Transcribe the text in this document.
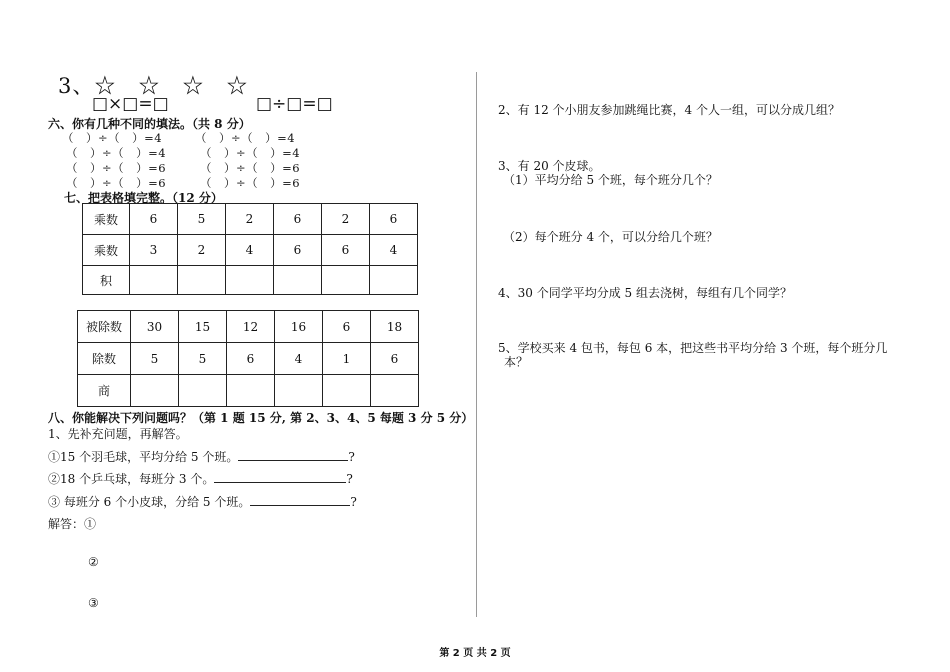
3、☆　☆　☆　☆
□×□=□	□÷□=□
六、你有几种不同的填法。（共 8 分）
（　）÷（　）=4	（　）÷（　）=4
（　）÷（　）=4	（　）÷（　）=4
（　）÷（　）=6	（　）÷（　）=6
（　）÷（　）=6	（　）÷（　）=6
七、把表格填完整。（12 分）
乘数	6	5	2	6	2	6
乘数	3	2	4	6	6	4
积						
被除数	30	15	12	16	6	18
除数	5	5	6	4	1	6
商						
八、你能解决下列问题吗？（第 1 题 15 分, 第 2、3、4、5 每题 3 分 5 分）
1、先补充问题，再解答。
①15 个羽毛球，平均分给 5 个班。	?
②18 个乒乓球，每班分 3 个。	?
③ 每班分 6 个小皮球，分给 5 个班。	?
解答：①
②
③
2、有 12 个小朋友参加跳绳比赛，4 个人一组，可以分成几组？
3、有 20 个皮球。
（1）平均分给 5 个班，每个班分几个？
（2）每个班分 4 个，可以分给几个班？
4、30 个同学平均分成 5 组去浇树，每组有几个同学？
5、学校买来 4 包书，每包 6 本，把这些书平均分给 3 个班，每个班分几
本？
第 2 页 共 2 页
